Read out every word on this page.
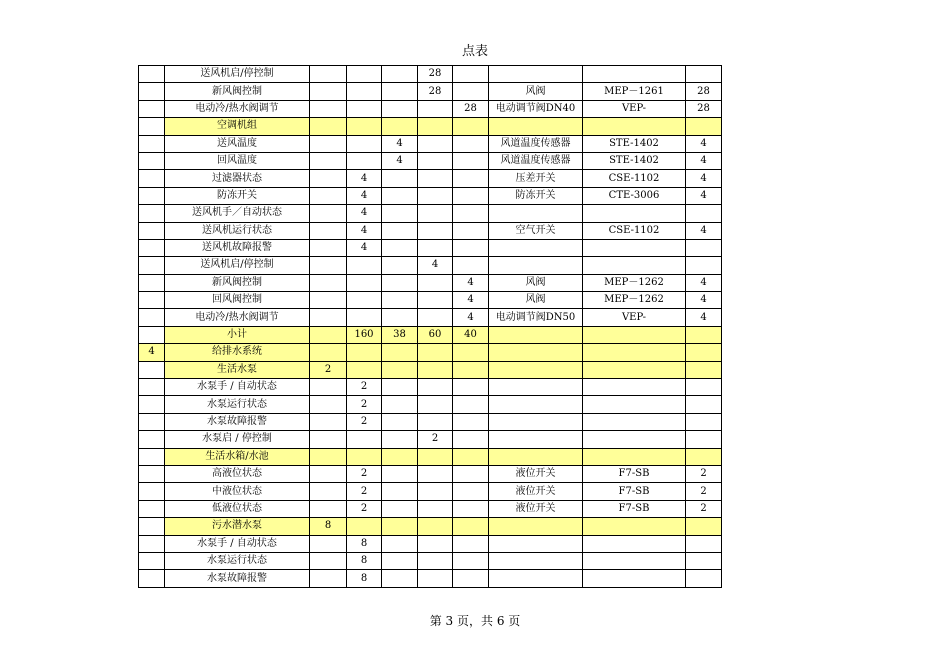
点表
	送风机启/停控制				28				
	新风阀控制				28		风阀	MEP－1261	28
	电动冷/热水阀调节					28	电动调节阀DN40	VEP-	28
	空调机组								
	送风温度			4			风道温度传感器	STE-1402	4
	回风温度			4			风道温度传感器	STE-1402	4
	过滤器状态		4				压差开关	CSE-1102	4
	防冻开关		4				防冻开关	CTE-3006	4
	送风机手／自动状态		4						
	送风机运行状态		4				空气开关	CSE-1102	4
	送风机故障报警		4						
	送风机启/停控制				4				
	新风阀控制					4	风阀	MEP－1262	4
	回风阀控制					4	风阀	MEP－1262	4
	电动冷/热水阀调节					4	电动调节阀DN50	VEP-	4
	小计		160	38	60	40			
4	给排水系统								
	生活水泵	2							
	水泵手 / 自动状态		2						
	水泵运行状态		2						
	水泵故障报警		2						
	水泵启 / 停控制				2				
	生活水箱/水池								
	高液位状态		2				液位开关	F7-SB	2
	中液位状态		2				液位开关	F7-SB	2
	低液位状态		2				液位开关	F7-SB	2
	污水潜水泵	8							
	水泵手 / 自动状态		8						
	水泵运行状态		8						
	水泵故障报警		8						
第 3 页，共 6 页
